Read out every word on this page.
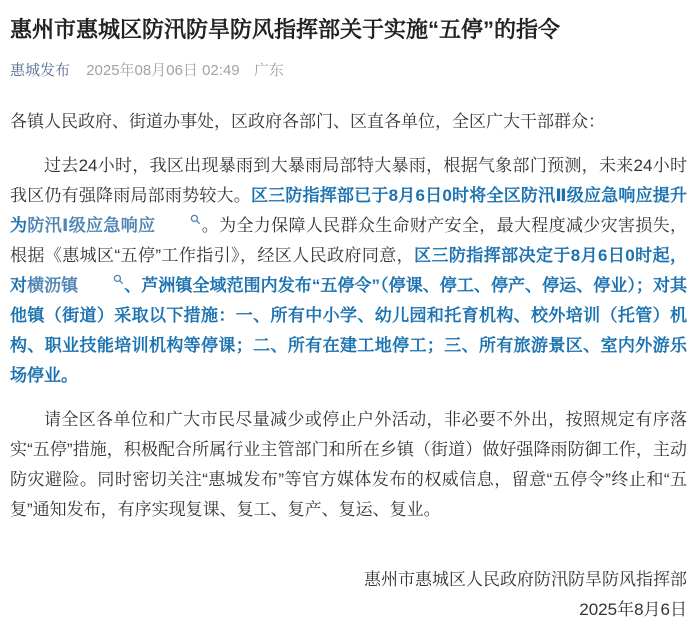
惠州市惠城区防汛防旱防风指挥部关于实施“五停”的指令
惠城发布 2025年08月06日 02:49 广东

各镇人民政府、街道办事处，区政府各部门、区直各单位，全区广大干部群众：

过去24小时，我区出现暴雨到大暴雨局部特大暴雨，根据气象部门预测，未来24小时我区仍有强降雨局部雨势较大。区三防指挥部已于8月6日0时将全区防汛Ⅱ级应急响应提升为防汛Ⅰ级应急响应	。为全力保障人民群众生命财产安全，最大程度减少灾害损失，根据《惠城区“五停”工作指引》，经区人民政府同意，区三防指挥部决定于8月6日0时起，对横沥镇	、芦洲镇全域范围内发布“五停令”（停课、停工、停产、停运、停业）；对其他镇（街道）采取以下措施：一、所有中小学、幼儿园和托育机构、校外培训（托管）机构、职业技能培训机构等停课；二、所有在建工地停工；三、所有旅游景区、室内外游乐场停业。

请全区各单位和广大市民尽量减少或停止户外活动，非必要不外出，按照规定有序落实“五停”措施，积极配合所属行业主管部门和所在乡镇（街道）做好强降雨防御工作，主动防灾避险。同时密切关注“惠城发布”等官方媒体发布的权威信息，留意“五停令”终止和“五复”通知发布，有序实现复课、复工、复产、复运、复业。

惠州市惠城区人民政府防汛防旱防风指挥部

2025年8月6日
